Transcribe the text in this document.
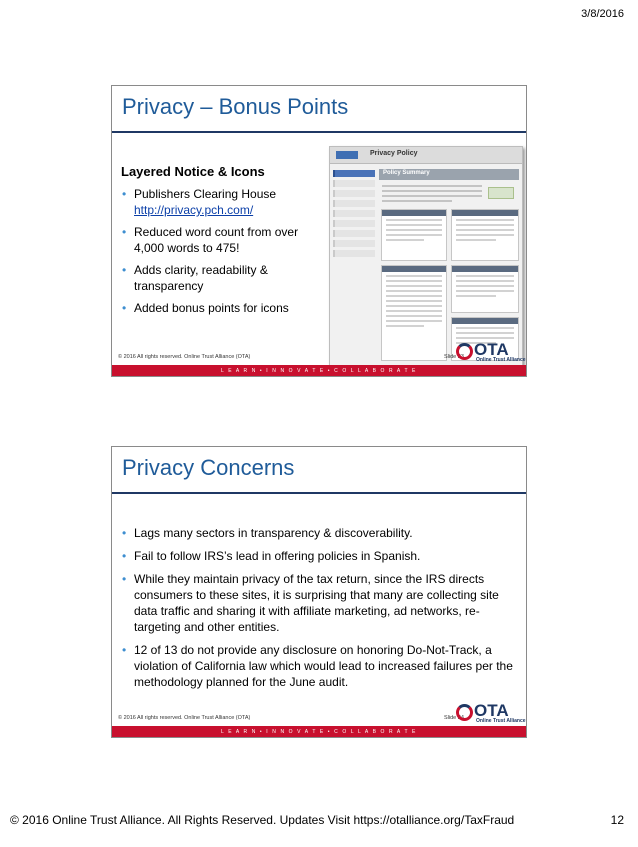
3/8/2016
Privacy – Bonus Points
Layered Notice & Icons
• Publishers Clearing House
http://privacy.pch.com/
• Reduced word count from over 4,000 words to 475!
• Adds clarity, readability & transparency
• Added bonus points for icons
Privacy Policy
Policy Summary
© 2016 All rights reserved. Online Trust Alliance (OTA)	Slide 23 OTA
Online Trust Alliance
L E A R N • I N N O V A T E • C O L L A B O R A T E
Privacy Concerns
• Lags many sectors in transparency & discoverability.
• Fail to follow IRS’s lead in offering policies in Spanish.
• While they maintain privacy of the tax return, since the IRS directs consumers to these sites, it is surprising that many are collecting site data traffic and sharing it with affiliate marketing, ad networks, re-targeting and other entities.
• 12 of 13 do not provide any disclosure on honoring Do-Not-Track, a violation of California law which would lead to increased failures per the methodology planned for the June audit.
© 2016 All rights reserved. Online Trust Alliance (OTA)	Slide 24 OTA
Online Trust Alliance
L E A R N • I N N O V A T E • C O L L A B O R A T E
© 2016 Online Trust Alliance. All Rights Reserved. Updates Visit https://otalliance.org/TaxFraud	12
